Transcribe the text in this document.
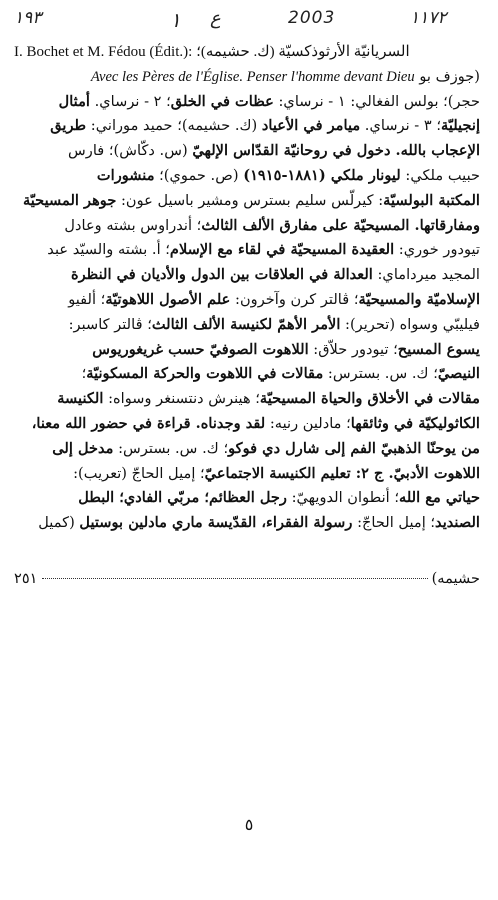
١٩٣	١ ع	2003	١١٧٢
I. Bochet et M. Fédou (Édit.): السريانيّة الأرثوذكسيّة (ك. حشيمه)؛
(جوزف بو Avec les Pères de l'Église. Penser l'homme devant Dieu
حجر)؛ بولس الفغالي: ١ - نرساي: عظات في الخلق؛ ٢ - نرساي. أمثال
إنجيليّة؛ ٣ - نرساي. ميامر في الأعياد (ك. حشيمه)؛ حميد موراني: طريق
الإعجاب بالله. دخول في روحانيّة القدّاس الإلهيّ (س. دكّاش)؛ فارس
حبيب ملكي: ليونار ملكي (١٨٨١-١٩١٥) (ص. حموي)؛ منشورات
المكتبة البولسيّة: كيرلّس سليم بسترس ومشير باسيل عون: جوهر المسيحيّة
ومفارقاتها. المسيحيّة على مفارق الألف الثالث؛ أندراوس بشته وعادل
تيودور خوري: العقيدة المسيحيّة في لقاء مع الإسلام؛ أ. بشته والسيّد عبد
المجيد ميرداماي: العدالة في العلاقات بين الدول والأديان في النظرة
الإسلاميّة والمسيحيّة؛ ڤالتر كرن وآخرون: علم الأصول اللاهوتيّة؛ ألفيو
فيليبّي وسواه (تحرير): الأمر الأهمّ لكنيسة الألف الثالث؛ ڤالتر كاسبر:
يسوع المسيح؛ تيودور حلاّق: اللاهوت الصوفيّ حسب غريغوريوس
النيصيّ؛ ك. س. بسترس: مقالات في اللاهوت والحركة المسكونيّة؛
مقالات في الأخلاق والحياة المسيحيّة؛ هينرش دنتسنغر وسواه: الكنيسة
الكاثوليكيّة في وثائقها؛ مادلين رنيه: لقد وجدناه. قراءة في حضور الله معنا،
من يوحنّا الذهبيّ الفم إلى شارل دي فوكو؛ ك. س. بسترس: مدخل إلى
اللاهوت الأدبيّ. ج ٢: تعليم الكنيسة الاجتماعيّ؛ إميل الحاجّ (تعريب):
حياتي مع الله؛ أنطوان الدويهيّ: رجل العظائم؛ مربّي الفادي؛ البطل
الصنديد؛ إميل الحاجّ: رسولة الفقراء، القدّيسة ماري مادلين بوستيل (كميل
حشيمه)
٢٥١
٥
